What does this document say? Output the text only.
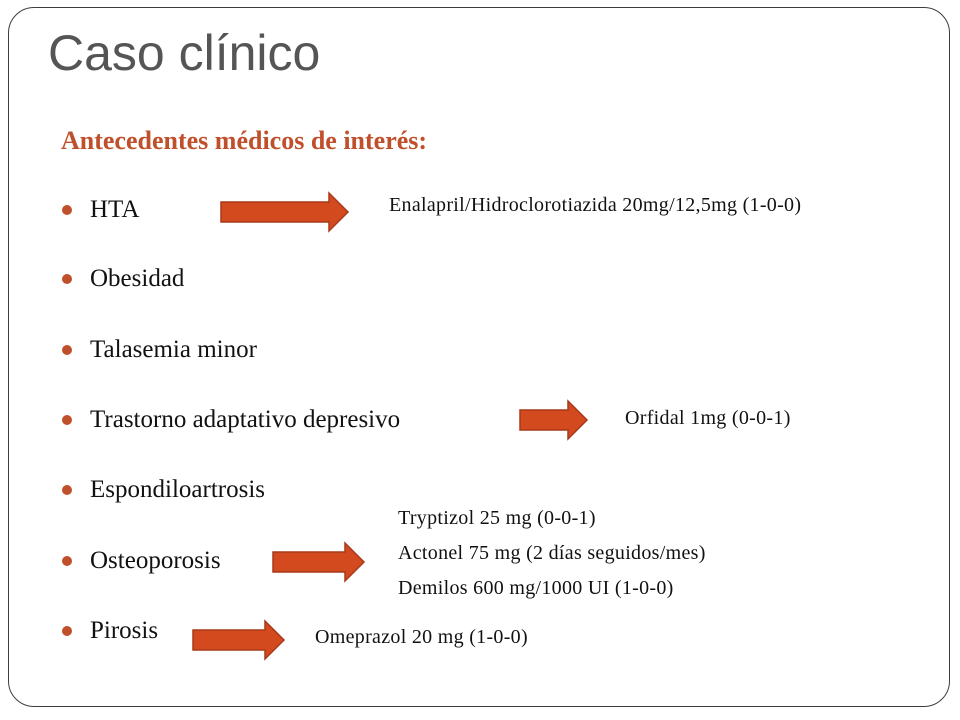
Caso clínico
Antecedentes médicos de interés:
HTA
Obesidad
Talasemia minor
Trastorno adaptativo depresivo
Espondiloartrosis
Osteoporosis
Pirosis
Enalapril/Hidroclorotiazida 20mg/12,5mg (1-0-0)
Orfidal 1mg (0-0-1)
Tryptizol 25 mg (0-0-1)
Actonel 75 mg (2 días seguidos/mes)
Demilos 600 mg/1000 UI (1-0-0)
Omeprazol 20 mg (1-0-0)
